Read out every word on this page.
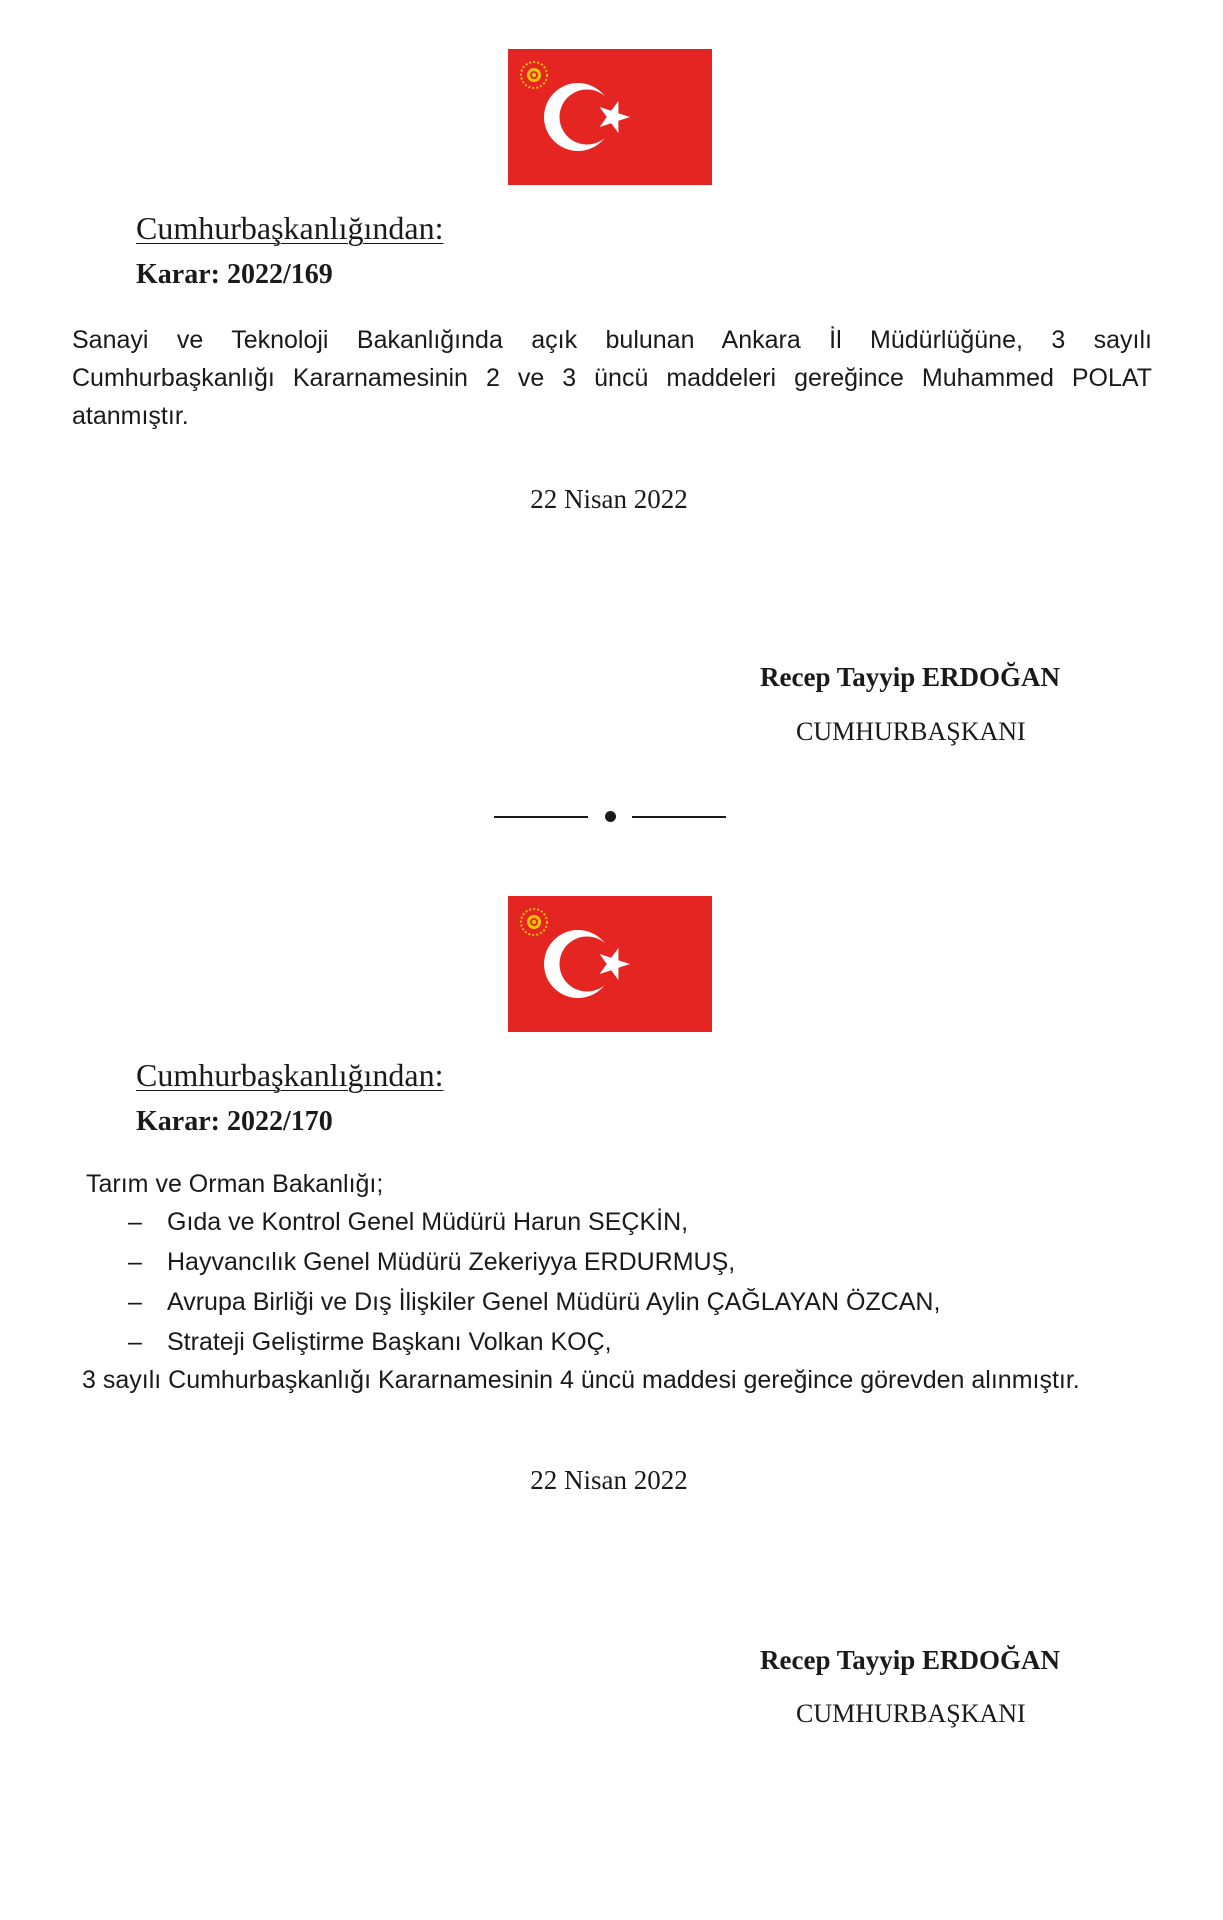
Cumhurbaşkanlığından:
Karar: 2022/169
Sanayi ve Teknoloji Bakanlığında açık bulunan Ankara İl Müdürlüğüne, 3 sayılı
Cumhurbaşkanlığı Kararnamesinin 2 ve 3 üncü maddeleri gereğince Muhammed POLAT
atanmıştır.
22 Nisan 2022
Recep Tayyip ERDOĞAN
CUMHURBAŞKANI
Cumhurbaşkanlığından:
Karar: 2022/170
Tarım ve Orman Bakanlığı;
– Gıda ve Kontrol Genel Müdürü Harun SEÇKİN,
– Hayvancılık Genel Müdürü Zekeriyya ERDURMUŞ,
– Avrupa Birliği ve Dış İlişkiler Genel Müdürü Aylin ÇAĞLAYAN ÖZCAN,
– Strateji Geliştirme Başkanı Volkan KOÇ,
3 sayılı Cumhurbaşkanlığı Kararnamesinin 4 üncü maddesi gereğince görevden alınmıştır.
22 Nisan 2022
Recep Tayyip ERDOĞAN
CUMHURBAŞKANI
